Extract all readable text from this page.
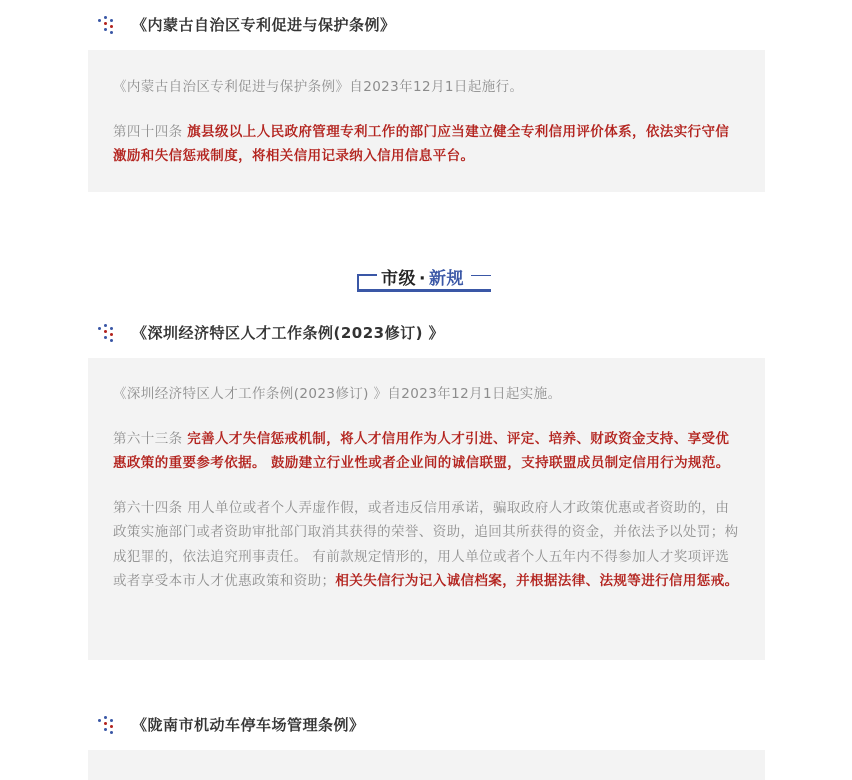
《内蒙古自治区专利促进与保护条例》

《内蒙古自治区专利促进与保护条例》自2023年12月1日起施行。

第四十四条 旗县级以上人民政府管理专利工作的部门应当建立健全专利信用评价体系，依法实行守信激励和失信惩戒制度，将相关信用记录纳入信用信息平台。

市级 · 新规
《深圳经济特区人才工作条例(2023修订) 》

《深圳经济特区人才工作条例(2023修订) 》自2023年12月1日起实施。

第六十三条 完善人才失信惩戒机制，将人才信用作为人才引进、评定、培养、财政资金支持、享受优惠政策的重要参考依据。 鼓励建立行业性或者企业间的诚信联盟，支持联盟成员制定信用行为规范。

第六十四条 用人单位或者个人弄虚作假，或者违反信用承诺，骗取政府人才政策优惠或者资助的，由政策实施部门或者资助审批部门取消其获得的荣誉、资助，追回其所获得的资金，并依法予以处罚；构成犯罪的，依法追究刑事责任。 有前款规定情形的，用人单位或者个人五年内不得参加人才奖项评选或者享受本市人才优惠政策和资助；相关失信行为记入诚信档案，并根据法律、法规等进行信用惩戒。

《陇南市机动车停车场管理条例》
